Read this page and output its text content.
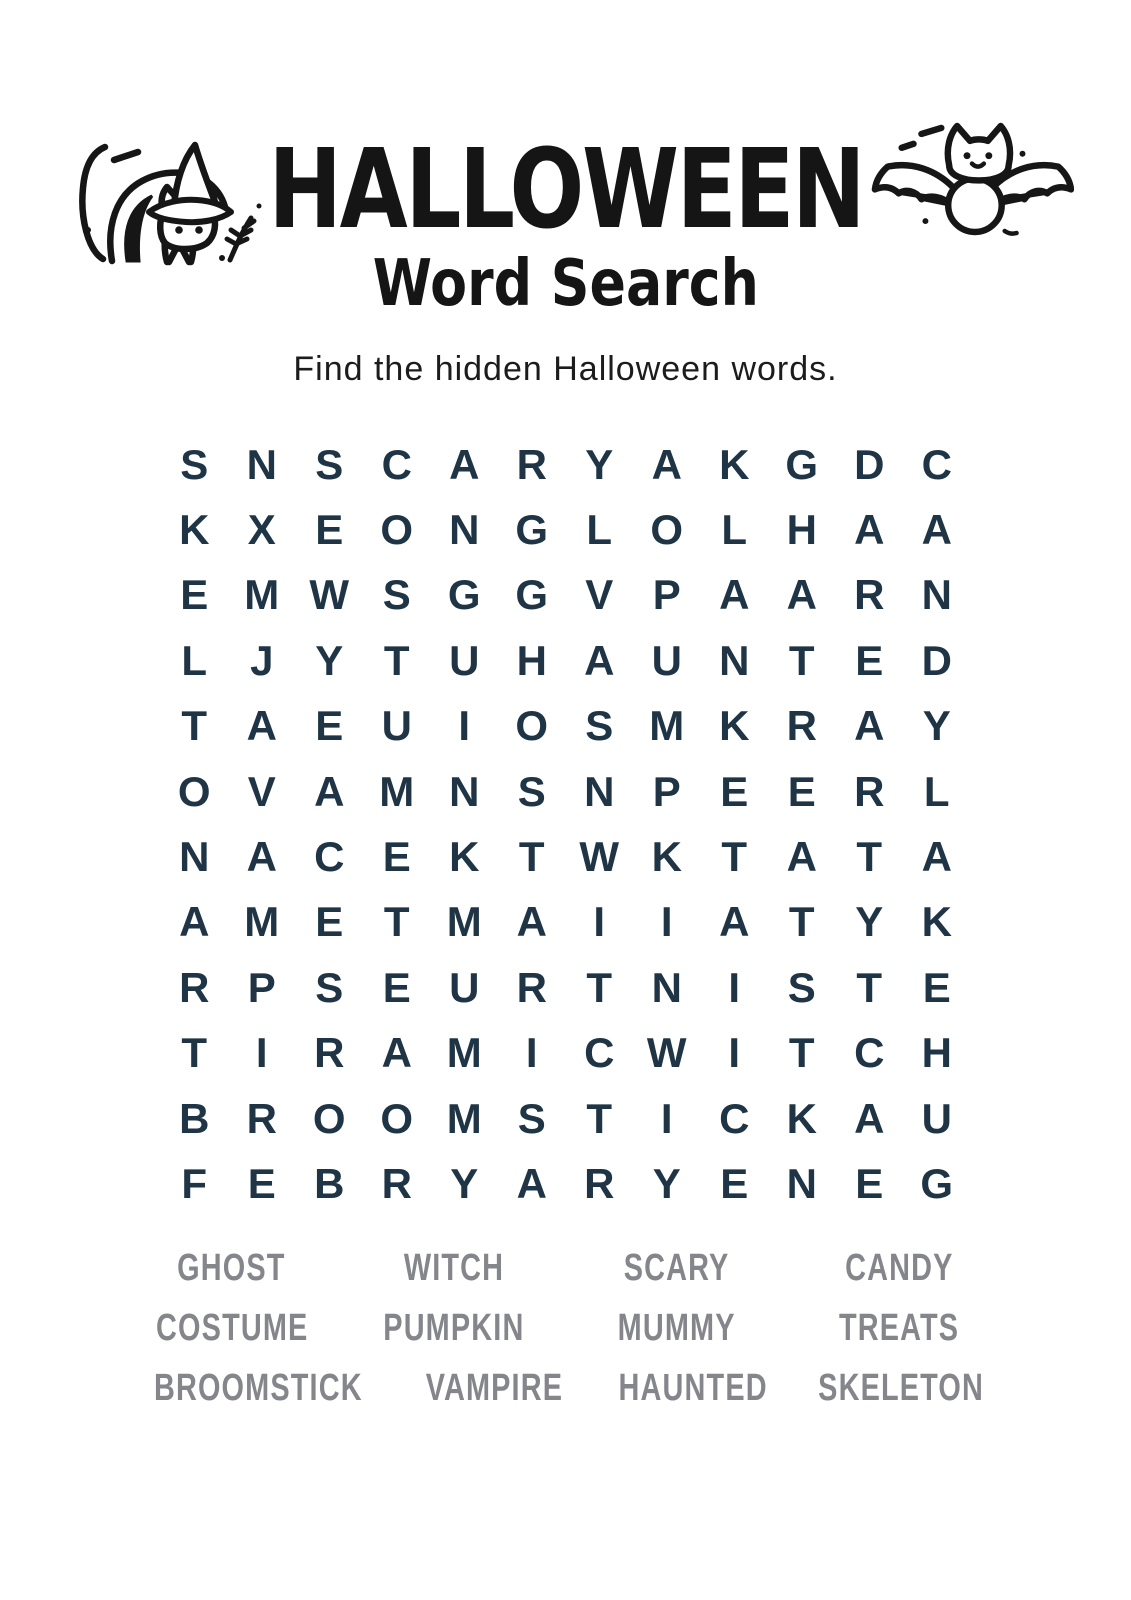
HALLOWEEN
Word Search
Find the hidden Halloween words.
S N S C A R Y A K G D C
K X E O N G L O L H A A
E M W S G G V P A A R N
L	J Y T U H A U N T E D
T A E U	I	O S M K R A Y
O V A M N S N P E E R L
N A C E K T W K T A T A
A M E T M A	I	I	A T Y K
R P S E U R T N	I	S T E
T	I	R A M	I	C W I	T C H
B R O O M S T	I	C K A U
F E B R Y A R Y E N E G
GHOST	WITCH	SCARY	CANDY
COSTUME	PUMPKIN	MUMMY	TREATS
BROOMSTICK	VAMPIRE	HAUNTED	SKELETON
